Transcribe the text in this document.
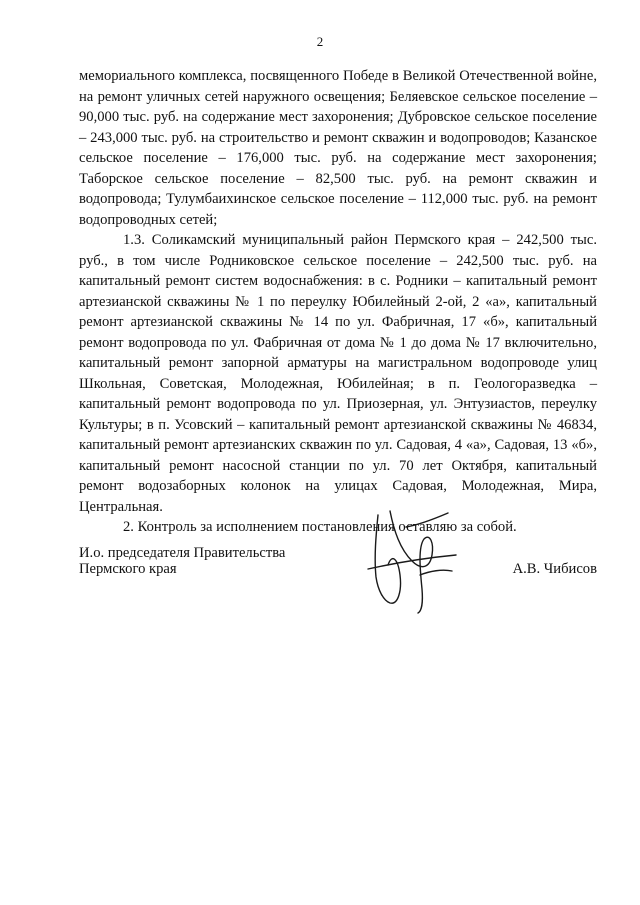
2

мемориального комплекса, посвященного Победе в Великой Отечественной войне, на ремонт уличных сетей наружного освещения; Беляевское сельское поселение – 90,000 тыс. руб. на содержание мест захоронения; Дубровское сельское поселение – 243,000 тыс. руб. на строительство и ремонт скважин и водопроводов; Казанское сельское поселение – 176,000 тыс. руб. на содержание мест захоронения; Таборское сельское поселение – 82,500 тыс. руб. на ремонт скважин и водопровода; Тулумбаихинское сельское поселение – 112,000 тыс. руб. на ремонт водопроводных сетей;

1.3. Соликамский муниципальный район Пермского края – 242,500 тыс. руб., в том числе Родниковское сельское поселение – 242,500 тыс. руб. на капитальный ремонт систем водоснабжения: в с. Родники – капитальный ремонт артезианской скважины № 1 по переулку Юбилейный 2-ой, 2 «а», капитальный ремонт артезианской скважины № 14 по ул. Фабричная, 17 «б», капитальный ремонт водопровода по ул. Фабричная от дома № 1 до дома № 17 включительно, капитальный ремонт запорной арматуры на магистральном водопроводе улиц Школьная, Советская, Молодежная, Юбилейная; в п. Геологоразведка – капитальный ремонт водопровода по ул. Приозерная, ул. Энтузиастов, переулку Культуры; в п. Усовский – капитальный ремонт артезианской скважины № 46834, капитальный ремонт артезианских скважин по ул. Садовая, 4 «а», Садовая, 13 «б», капитальный ремонт насосной станции по ул. 70 лет Октября, капитальный ремонт водозаборных колонок на улицах Садовая, Молодежная, Мира, Центральная.

2. Контроль за исполнением постановления оставляю за собой.

И.о. председателя Правительства
Пермского края	А.В. Чибисов
